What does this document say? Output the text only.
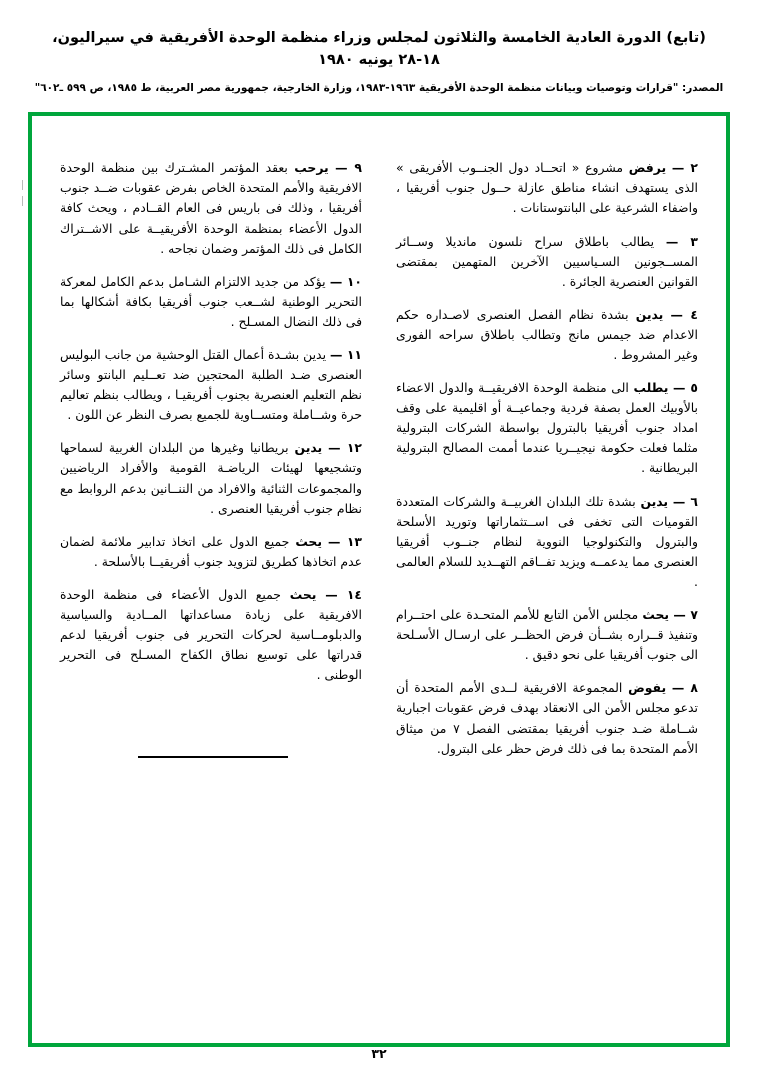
(تابع) الدورة العادية الخامسة والثلاثون لمجلس وزراء منظمة الوحدة الأفريقية في سيراليون، ١٨-٢٨ يونيه ١٩٨٠
المصدر: "قرارات وتوصيات وبيانات منظمة الوحدة الأفريقية ١٩٦٣-١٩٨٣، وزارة الخارجية، جمهورية مصر العربية، ط ١٩٨٥، ص ٥٩٩ ـ٦٠٢"
٢ — يرفض مشروع « اتحــاد دول الجنــوب الأفريقى » الذى يستهدف انشاء مناطق عازلة حــول جنوب أفريقيا ، واضفاء الشرعية على البانتوستانات .
٣ — يطالب باطلاق سراح نلسون مانديلا وســائر المســجونين السـياسيين الآخرين المتهمين بمقتضى القوانين العنصرية الجائرة .
٤ — يدين بشدة نظام الفصل العنصرى لاصـداره حكم الاعدام ضد جيمس مانج وتطالب باطلاق سراحه الفورى وغير المشروط .
٥ — يطلب الى منظمة الوحدة الافريقيــة والدول الاعضاء بالأوبيك العمل بصفة فردية وجماعيــة أو اقليمية على وقف امداد جنوب أفريقيا بالبترول بواسطة الشركات البترولية مثلما فعلت حكومة نيجيــريا عندما أممت المصالح البترولية البريطانية .
٦ — يدين بشدة تلك البلدان الغربيــة والشركات المتعددة القوميات التى تخفى فى اســتثماراتها وتوريد الأسلحة والبترول والتكنولوجيا النووية لنظام جنــوب أفريقيا العنصرى مما يدعمــه ويزيد تفــاقم التهــديد للسلام العالمى .
٧ — يحث مجلس الأمن التابع للأمم المتحـدة على احتــرام وتنفيذ قــراره بشــأن فرض الحظــر على ارسـال الأسـلحة الى جنوب أفريقيا على نحو دقيق .
٨ — يفوض المجموعة الافريقية لــدى الأمم المتحدة أن تدعو مجلس الأمن الى الانعقاد بهدف فرض عقوبات اجبارية شــاملة ضـد جنوب أفريقيا بمقتضى الفصل ٧ من ميثاق الأمم المتحدة بما فى ذلك فرض حظر على البترول.
٩ — يرحب بعقد المؤتمر المشـترك بين منظمة الوحدة الافريقية والأمم المتحدة الخاص بفرض عقوبات ضــد جنوب أفريقيا ، وذلك فى باريس فى العام القــادم ، ويحث كافة الدول الأعضاء بمنظمة الوحدة الأفريقيــة على الاشــتراك الكامل فى ذلك المؤتمر وضمان نجاحه .
١٠ — يؤكد من جديد الالتزام الشـامل بدعم الكامل لمعركة التحرير الوطنية لشــعب جنوب أفريقيا بكافة أشكالها بما فى ذلك النضال المسـلح .
١١ — يدين بشـدة أعمال القتل الوحشية من جانب البوليس العنصرى ضـد الطلبة المحتجين ضد تعــليم البانتو وسائر نظم التعليم العنصرية بجنوب أفريقيـا ، ويطالب بنظم تعاليم حرة وشــاملة ومتســاوية للجميع بصرف النظر عن اللون .
١٢ — يدين بريطانيا وغيرها من البلدان الغربية لسماحها وتشجيعها لهيئات الرياضـة القومية والأفراد الرياضيين والمجموعات الثنائية والافراد من الننــانين بدعم الروابط مع نظام جنوب أفريقيا العنصرى .
١٣ — يحث جميع الدول على اتخاذ تدابير ملائمة لضمان عدم اتخاذها كطريق لتزويد جنوب أفريقيــا بالأسلحة .
١٤ — يحث جميع الدول الأعضاء فى منظمة الوحدة الافريقية على زيادة مساعداتها المــادية والسياسية والدبلومــاسية لحركات التحرير فى جنوب أفريقيا لدعم قدراتها على توسيع نطاق الكفاح المسـلح فى التحرير الوطنى .
٣٢
